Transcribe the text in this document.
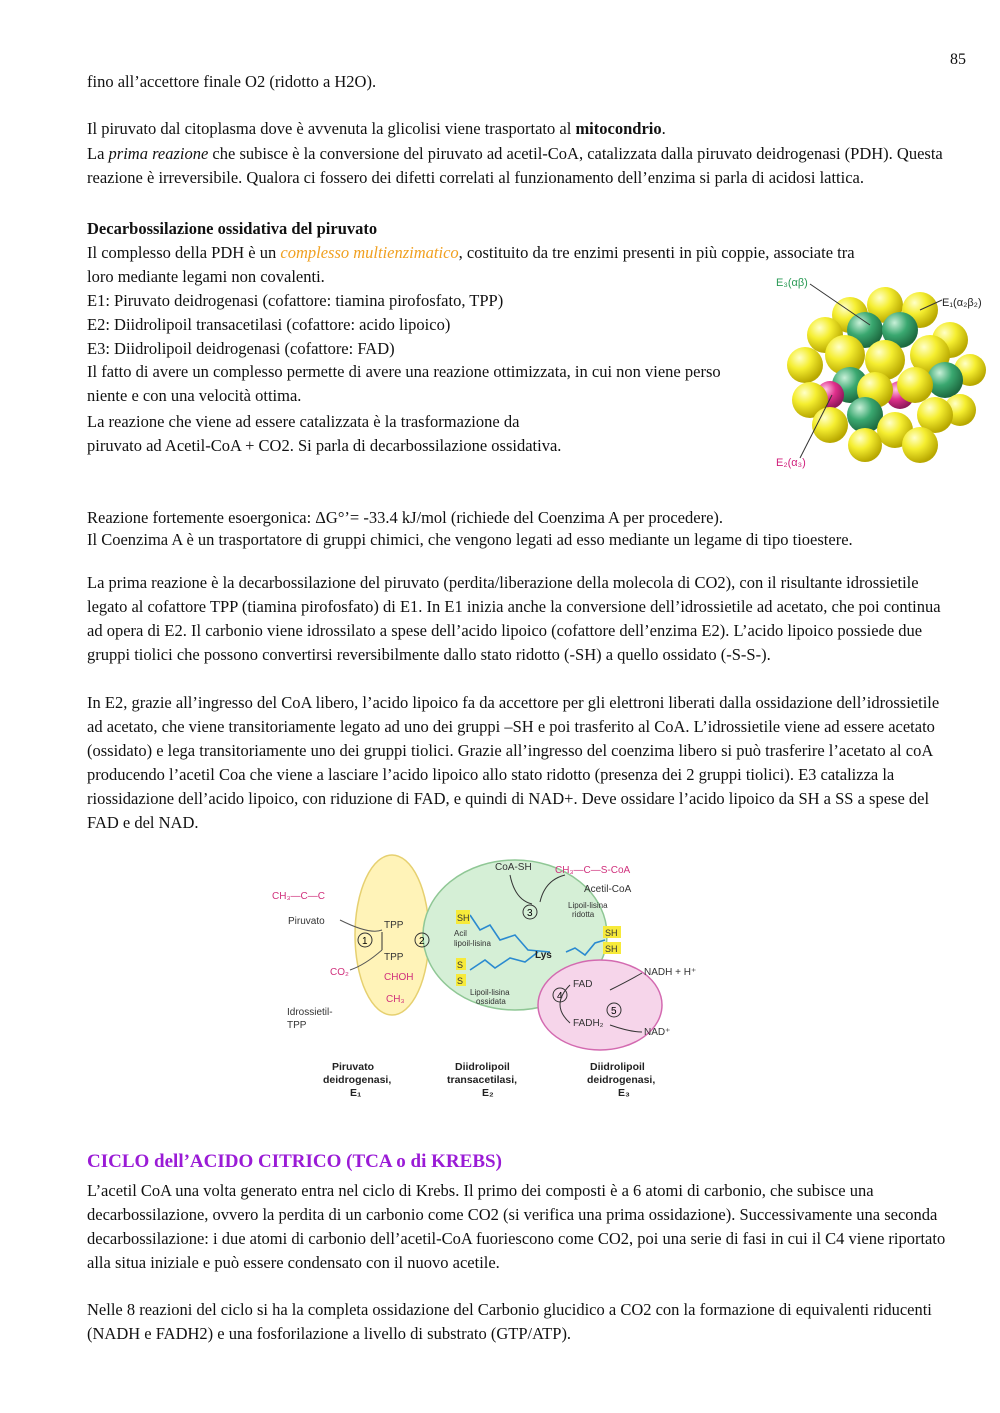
85

fino all’accettore finale O2 (ridotto a H2O).

Il piruvato dal citoplasma dove è avvenuta la glicolisi viene trasportato al mitocondrio.

La prima reazione che subisce è la conversione del piruvato ad acetil-CoA, catalizzata dalla piruvato deidrogenasi (PDH). Questa reazione è irreversibile. Qualora ci fossero dei difetti correlati al funzionamento dell’enzima si parla di acidosi lattica.

Decarbossilazione ossidativa del piruvato

Il complesso della PDH è un complesso multienzimatico, costituito da tre enzimi presenti in più coppie, associate tra

loro mediante legami non covalenti.

E1: Piruvato deidrogenasi (cofattore: tiamina pirofosfato, TPP)

E2: Diidrolipoil transacetilasi (cofattore: acido lipoico)

E3: Diidrolipoil deidrogenasi (cofattore: FAD)

Il fatto di avere un complesso permette di avere una reazione ottimizzata, in cui non viene perso niente e con una velocità ottima.

La reazione che viene ad essere catalizzata è la trasformazione da piruvato ad Acetil-CoA + CO2. Si parla di decarbossilazione ossidativa.

E₃(αβ)
E₁(α₂β₂)
E₂(α₃)

Reazione fortemente esoergonica: ΔG°’= -33.4 kJ/mol (richiede del Coenzima A per procedere).

Il Coenzima A è un trasportatore di gruppi chimici, che vengono legati ad esso mediante un legame di tipo tioestere.

La prima reazione è la decarbossilazione del piruvato (perdita/liberazione della molecola di CO2), con il risultante idrossietile legato al cofattore TPP (tiamina pirofosfato) di E1. In E1 inizia anche la conversione dell’idrossietile ad acetato, che poi continua ad opera di E2. Il carbonio viene idrossilato a spese dell’acido lipoico (cofattore dell’enzima E2). L’acido lipoico possiede due gruppi tiolici che possono convertirsi reversibilmente dallo stato ridotto (-SH) a quello ossidato (-S-S-).

In E2, grazie all’ingresso del CoA libero, l’acido lipoico fa da accettore per gli elettroni liberati dalla ossidazione dell’idrossietile ad acetato, che viene transitoriamente legato ad uno dei gruppi –SH e poi trasferito al CoA. L’idrossietile viene ad essere acetato (ossidato) e lega transitoriamente uno dei gruppi tiolici. Grazie all’ingresso del coenzima libero si può trasferire l’acetato al coA producendo l’acetil Coa che viene a lasciare l’acido lipoico allo stato ridotto (presenza dei 2 gruppi tiolici). E3 catalizza la riossidazione dell’acido lipoico, con riduzione di FAD, e quindi di NAD+. Deve ossidare l’acido lipoico da SH a SS a spese del FAD e del NAD.

CH₃—C—C
Piruvato
CO₂
Idrossietil-
TPP
TPP
TPP
CHOH
CH₃
1	2
3
4
5
SH
S
S
SH
SH
Acil
lipoil-lisina
Lys
Lipoil-lisina
ossidata
Lipoil-lisina
ridotta
CoA-SH CH₃—C—S-CoA
Acetil-CoA
FAD
FADH₂
NADH + H⁺
NAD⁺
Piruvato
deidrogenasi,
E₁
Diidrolipoil
transacetilasi,
E₂
Diidrolipoil
deidrogenasi,
E₃
CICLO dell’ACIDO CITRICO (TCA o di KREBS)

L’acetil CoA una volta generato entra nel ciclo di Krebs. Il primo dei composti è a 6 atomi di carbonio, che subisce una decarbossilazione, ovvero la perdita di un carbonio come CO2 (si verifica una prima ossidazione). Successivamente una seconda decarbossilazione: i due atomi di carbonio dell’acetil-CoA fuoriescono come CO2, poi una serie di fasi in cui il C4 viene riportato alla situa iniziale e può essere condensato con il nuovo acetile.

Nelle 8 reazioni del ciclo si ha la completa ossidazione del Carbonio glucidico a CO2 con la formazione di equivalenti riducenti (NADH e FADH2) e una fosforilazione a livello di substrato (GTP/ATP).
